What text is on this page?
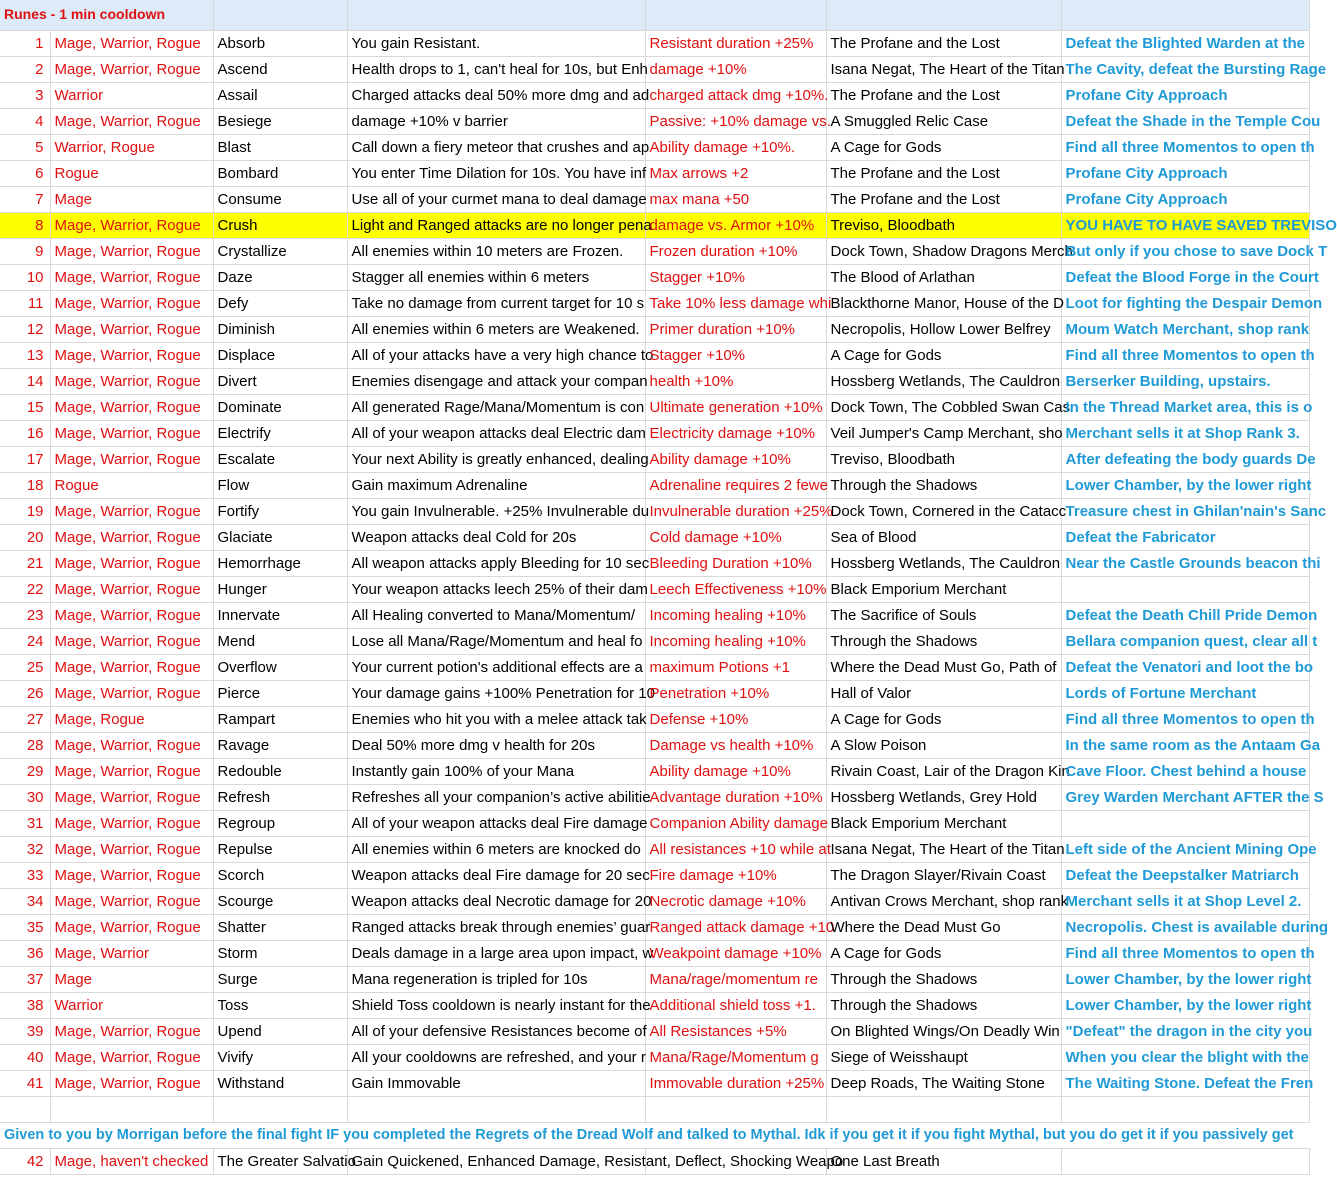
Runes - 1 min cooldown						
1	Mage, Warrior, Rogue	Absorb	You gain Resistant.	Resistant duration +25%	The Profane and the Lost	Defeat the Blighted Warden at the
2	Mage, Warrior, Rogue	Ascend	Health drops to 1, can't heal for 10s, but Enh	damage +10%	Isana Negat, The Heart of the Titan	The Cavity, defeat the Bursting Rage
3	Warrior	Assail	Charged attacks deal 50% more dmg and ad	charged attack dmg +10%.	The Profane and the Lost	Profane City Approach
4	Mage, Warrior, Rogue	Besiege	damage +10% v barrier	Passive: +10% damage vs.	A Smuggled Relic Case	Defeat the Shade in the Temple Cou
5	Warrior, Rogue	Blast	Call down a fiery meteor that crushes and ap	Ability damage +10%.	A Cage for Gods	Find all three Momentos to open th
6	Rogue	Bombard	You enter Time Dilation for 10s. You have inf	Max arrows +2	The Profane and the Lost	Profane City Approach
7	Mage	Consume	Use all of your curmet mana to deal damage	max mana +50	The Profane and the Lost	Profane City Approach
8	Mage, Warrior, Rogue	Crush	Light and Ranged attacks are no longer pena	damage vs. Armor +10%	Treviso, Bloodbath	YOU HAVE TO HAVE SAVED TREVISO
9	Mage, Warrior, Rogue	Crystallize	All enemies within 10 meters are Frozen.	Frozen duration +10%	Dock Town, Shadow Dragons Merch	But only if you chose to save Dock T
10	Mage, Warrior, Rogue	Daze	Stagger all enemies within 6 meters	Stagger +10%	The Blood of Arlathan	Defeat the Blood Forge in the Court
11	Mage, Warrior, Rogue	Defy	Take no damage from current target for 10 s	Take 10% less damage whi	Blackthorne Manor, House of the D	Loot for fighting the Despair Demon
12	Mage, Warrior, Rogue	Diminish	All enemies within 6 meters are Weakened.	Primer duration +10%	Necropolis, Hollow Lower Belfrey	Moum Watch Merchant, shop rank
13	Mage, Warrior, Rogue	Displace	All of your attacks have a very high chance to	Stagger +10%	A Cage for Gods	Find all three Momentos to open th
14	Mage, Warrior, Rogue	Divert	Enemies disengage and attack your compan	health +10%	Hossberg Wetlands, The Cauldron	Berserker Building, upstairs.
15	Mage, Warrior, Rogue	Dominate	All generated Rage/Mana/Momentum is con	Ultimate generation +10%	Dock Town, The Cobbled Swan Cas	In the Thread Market area, this is o
16	Mage, Warrior, Rogue	Electrify	All of your weapon attacks deal Electric dam	Electricity damage +10%	Veil Jumper's Camp Merchant, sho	Merchant sells it at Shop Rank 3.
17	Mage, Warrior, Rogue	Escalate	Your next Ability is greatly enhanced, dealing	Ability damage +10%	Treviso, Bloodbath	After defeating the body guards De
18	Rogue	Flow	Gain maximum Adrenaline	Adrenaline requires 2 fewe	Through the Shadows	Lower Chamber, by the lower right
19	Mage, Warrior, Rogue	Fortify	You gain Invulnerable. +25% Invulnerable du	Invulnerable duration +25%	Dock Town, Cornered in the Catacc	Treasure chest in Ghilan'nain's Sanc
20	Mage, Warrior, Rogue	Glaciate	Weapon attacks deal Cold for 20s	Cold damage +10%	Sea of Blood	Defeat the Fabricator
21	Mage, Warrior, Rogue	Hemorrhage	All weapon attacks apply Bleeding for 10 sec	Bleeding Duration +10%	Hossberg Wetlands, The Cauldron	Near the Castle Grounds beacon thi
22	Mage, Warrior, Rogue	Hunger	Your weapon attacks leech 25% of their dam	Leech Effectiveness +10%	Black Emporium Merchant	
23	Mage, Warrior, Rogue	Innervate	All Healing converted to Mana/Momentum/	Incoming healing +10%	The Sacrifice of Souls	Defeat the Death Chill Pride Demon
24	Mage, Warrior, Rogue	Mend	Lose all Mana/Rage/Momentum and heal fo	Incoming healing +10%	Through the Shadows	Bellara companion quest, clear all t
25	Mage, Warrior, Rogue	Overflow	Your current potion's additional effects are a	maximum Potions +1	Where the Dead Must Go, Path of	Defeat the Venatori and loot the bo
26	Mage, Warrior, Rogue	Pierce	Your damage gains +100% Penetration for 10	Penetration +10%	Hall of Valor	Lords of Fortune Merchant
27	Mage, Rogue	Rampart	Enemies who hit you with a melee attack tak	Defense +10%	A Cage for Gods	Find all three Momentos to open th
28	Mage, Warrior, Rogue	Ravage	Deal 50% more dmg v health for 20s	Damage vs health +10%	A Slow Poison	In the same room as the Antaam Ga
29	Mage, Warrior, Rogue	Redouble	Instantly gain 100% of your Mana	Ability damage +10%	Rivain Coast, Lair of the Dragon Kin	Cave Floor. Chest behind a house
30	Mage, Warrior, Rogue	Refresh	Refreshes all your companion’s active abilitie	Advantage duration +10%	Hossberg Wetlands, Grey Hold	Grey Warden Merchant AFTER the S
31	Mage, Warrior, Rogue	Regroup	All of your weapon attacks deal Fire damage	Companion Ability damage	Black Emporium Merchant	
32	Mage, Warrior, Rogue	Repulse	All enemies within 6 meters are knocked do	All resistances +10 while at	Isana Negat, The Heart of the Titan	Left side of the Ancient Mining Ope
33	Mage, Warrior, Rogue	Scorch	Weapon attacks deal Fire damage for 20 sec	Fire damage +10%	The Dragon Slayer/Rivain Coast	Defeat the Deepstalker Matriarch
34	Mage, Warrior, Rogue	Scourge	Weapon attacks deal Necrotic damage for 20	Necrotic damage +10%	Antivan Crows Merchant, shop rank	Merchant sells it at Shop Level 2.
35	Mage, Warrior, Rogue	Shatter	Ranged attacks break through enemies’ guar	Ranged attack damage +10	Where the Dead Must Go	Necropolis. Chest is available during
36	Mage, Warrior	Storm	Deals damage in a large area upon impact, w	Weakpoint damage +10%	A Cage for Gods	Find all three Momentos to open th
37	Mage	Surge	Mana regeneration is tripled for 10s	Mana/rage/momentum re	Through the Shadows	Lower Chamber, by the lower right
38	Warrior	Toss	Shield Toss cooldown is nearly instant for the	Additional shield toss +1.	Through the Shadows	Lower Chamber, by the lower right
39	Mage, Warrior, Rogue	Upend	All of your defensive Resistances become of	All Resistances +5%	On Blighted Wings/On Deadly Win	"Defeat" the dragon in the city you
40	Mage, Warrior, Rogue	Vivify	All your cooldowns are refreshed, and your r	Mana/Rage/Momentum g	Siege of Weisshaupt	When you clear the blight with the
41	Mage, Warrior, Rogue	Withstand	Gain Immovable	Immovable duration +25%	Deep Roads, The Waiting Stone	The Waiting Stone. Defeat the Fren

Given to you by Morrigan before the final fight IF you completed the Regrets of the Dread Wolf and talked to Mythal. Idk if you get it if you fight Mythal, but you do get it if you passively get						
42	Mage, haven't checked	The Greater Salvatio	Gain Quickened, Enhanced Damage, Resistant, Deflect, Shocking Weapo		One Last Breath	
